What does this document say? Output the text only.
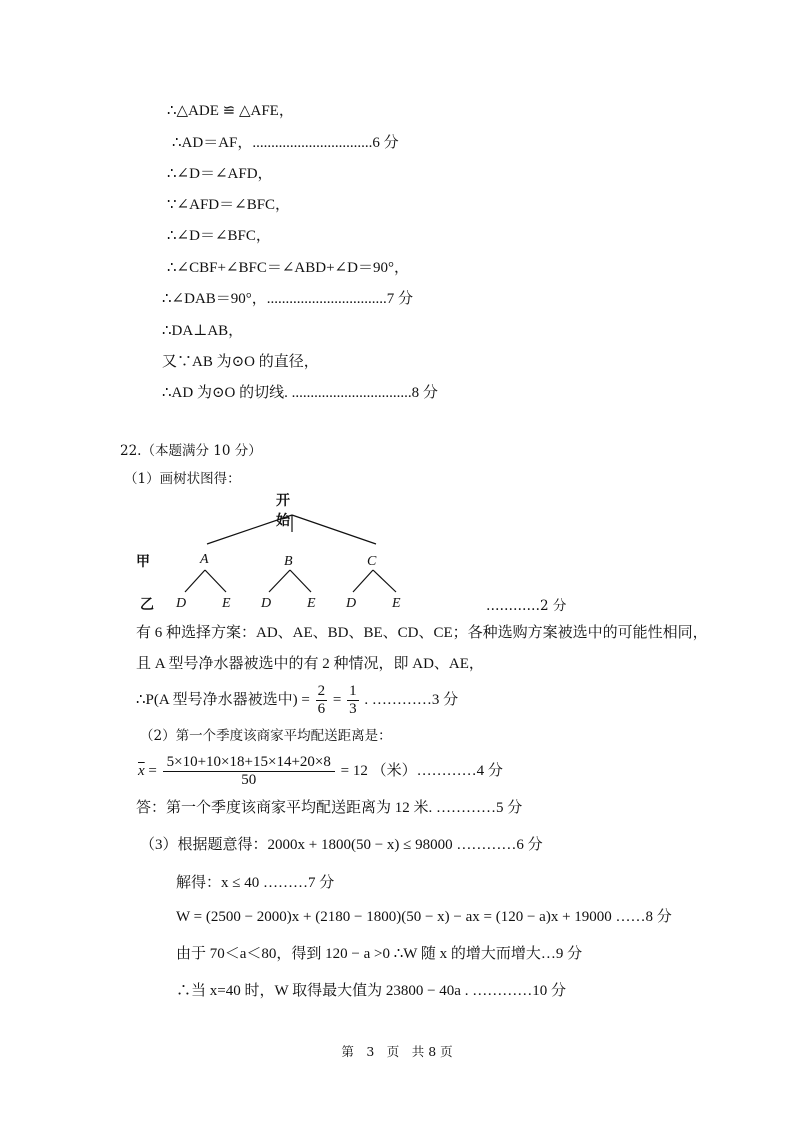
∴△ADE ≌ △AFE，
∴AD＝AF，................................6 分
∴∠D＝∠AFD，
∵∠AFD＝∠BFC，
∴∠D＝∠BFC，
∴∠CBF+∠BFC＝∠ABD+∠D＝90°，
∴∠DAB＝90°，................................7 分
∴DA⊥AB，
又∵AB 为⊙O 的直径，
∴AD 为⊙O 的切线. ................................8 分
22.（本题满分 10 分）
（1）画树状图得：
开始
甲
乙
A	B	C
D	E D	E D	E	…………2 分
有 6 种选择方案：AD、AE、BD、BE、CD、CE；各种选购方案被选中的可能性相同，
且 A 型号净水器被选中的有 2 种情况，即 AD、AE，
∴P(A 型号净水器被选中) = $\frac{2}{6} = \frac{1}{3}$ . …………3 分
（2）第一个季度该商家平均配送距离是：
$\overline{x} = \frac{5\times 10+10\times 18+15\times 14+20\times 8}{50} = 12$ （米）…………4 分
答：第一个季度该商家平均配送距离为 12 米. …………5 分
（3）根据题意得：2000x + 1800(50 − x) ≤ 98000 …………6 分
解得：x ≤ 40 ………7 分
W = (2500 − 2000)x + (2180 − 1800)(50 − x) − ax = (120 − a)x + 19000 ……8 分
由于 70＜a＜80，得到 120 − a >0 ∴W 随 x 的增大而增大…9 分
∴当 x=40 时，W 取得最大值为 23800 − 40a . …………10 分
第　3　页　共 8 页
